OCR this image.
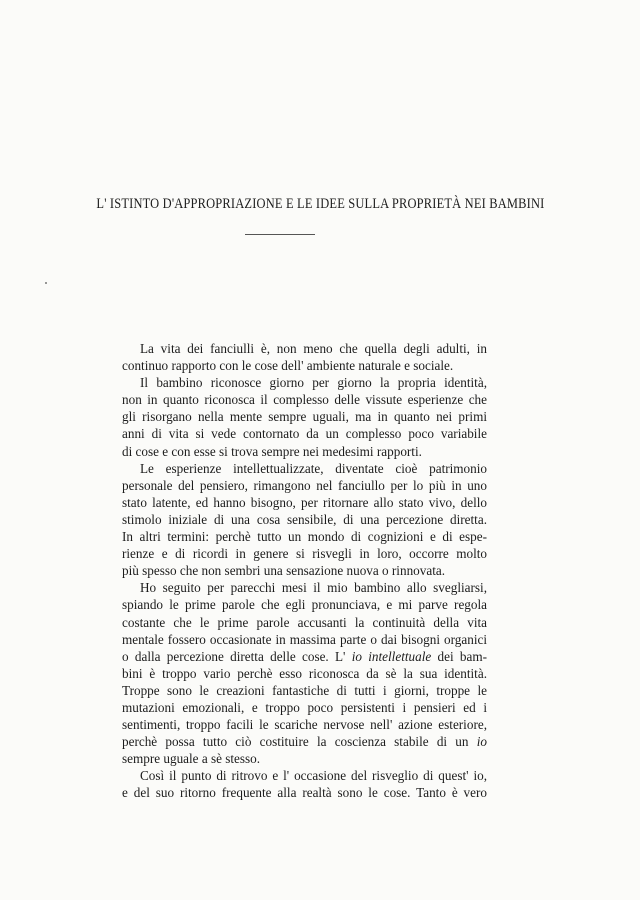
L' ISTINTO D'APPROPRIAZIONE E LE IDEE SULLA PROPRIETÀ NEI BAMBINI

La vita dei fanciulli è, non meno che quella degli adulti, in
continuo rapporto con le cose dell' ambiente naturale e sociale.

Il bambino riconosce giorno per giorno la propria identità,
non in quanto riconosca il complesso delle vissute esperienze che
gli risorgano nella mente sempre uguali, ma in quanto nei primi
anni di vita si vede contornato da un complesso poco variabile
di cose e con esse si trova sempre nei medesimi rapporti.

Le esperienze intellettualizzate, diventate cioè patrimonio
personale del pensiero, rimangono nel fanciullo per lo più in uno
stato latente, ed hanno bisogno, per ritornare allo stato vivo, dello
stimolo iniziale di una cosa sensibile, di una percezione diretta.
In altri termini: perchè tutto un mondo di cognizioni e di espe-
rienze e di ricordi in genere si risvegli in loro, occorre molto
più spesso che non sembri una sensazione nuova o rinnovata.

Ho seguito per parecchi mesi il mio bambino allo svegliarsi,
spiando le prime parole che egli pronunciava, e mi parve regola
costante che le prime parole accusanti la continuità della vita
mentale fossero occasionate in massima parte o dai bisogni organici
o dalla percezione diretta delle cose. L' io intellettuale dei bam-
bini è troppo vario perchè esso riconosca da sè la sua identità.
Troppe sono le creazioni fantastiche di tutti i giorni, troppe le
mutazioni emozionali, e troppo poco persistenti i pensieri ed i
sentimenti, troppo facili le scariche nervose nell' azione esteriore,
perchè possa tutto ciò costituire la coscienza stabile di un io
sempre uguale a sè stesso.

Così il punto di ritrovo e l' occasione del risveglio di quest' io,
e del suo ritorno frequente alla realtà sono le cose. Tanto è vero
